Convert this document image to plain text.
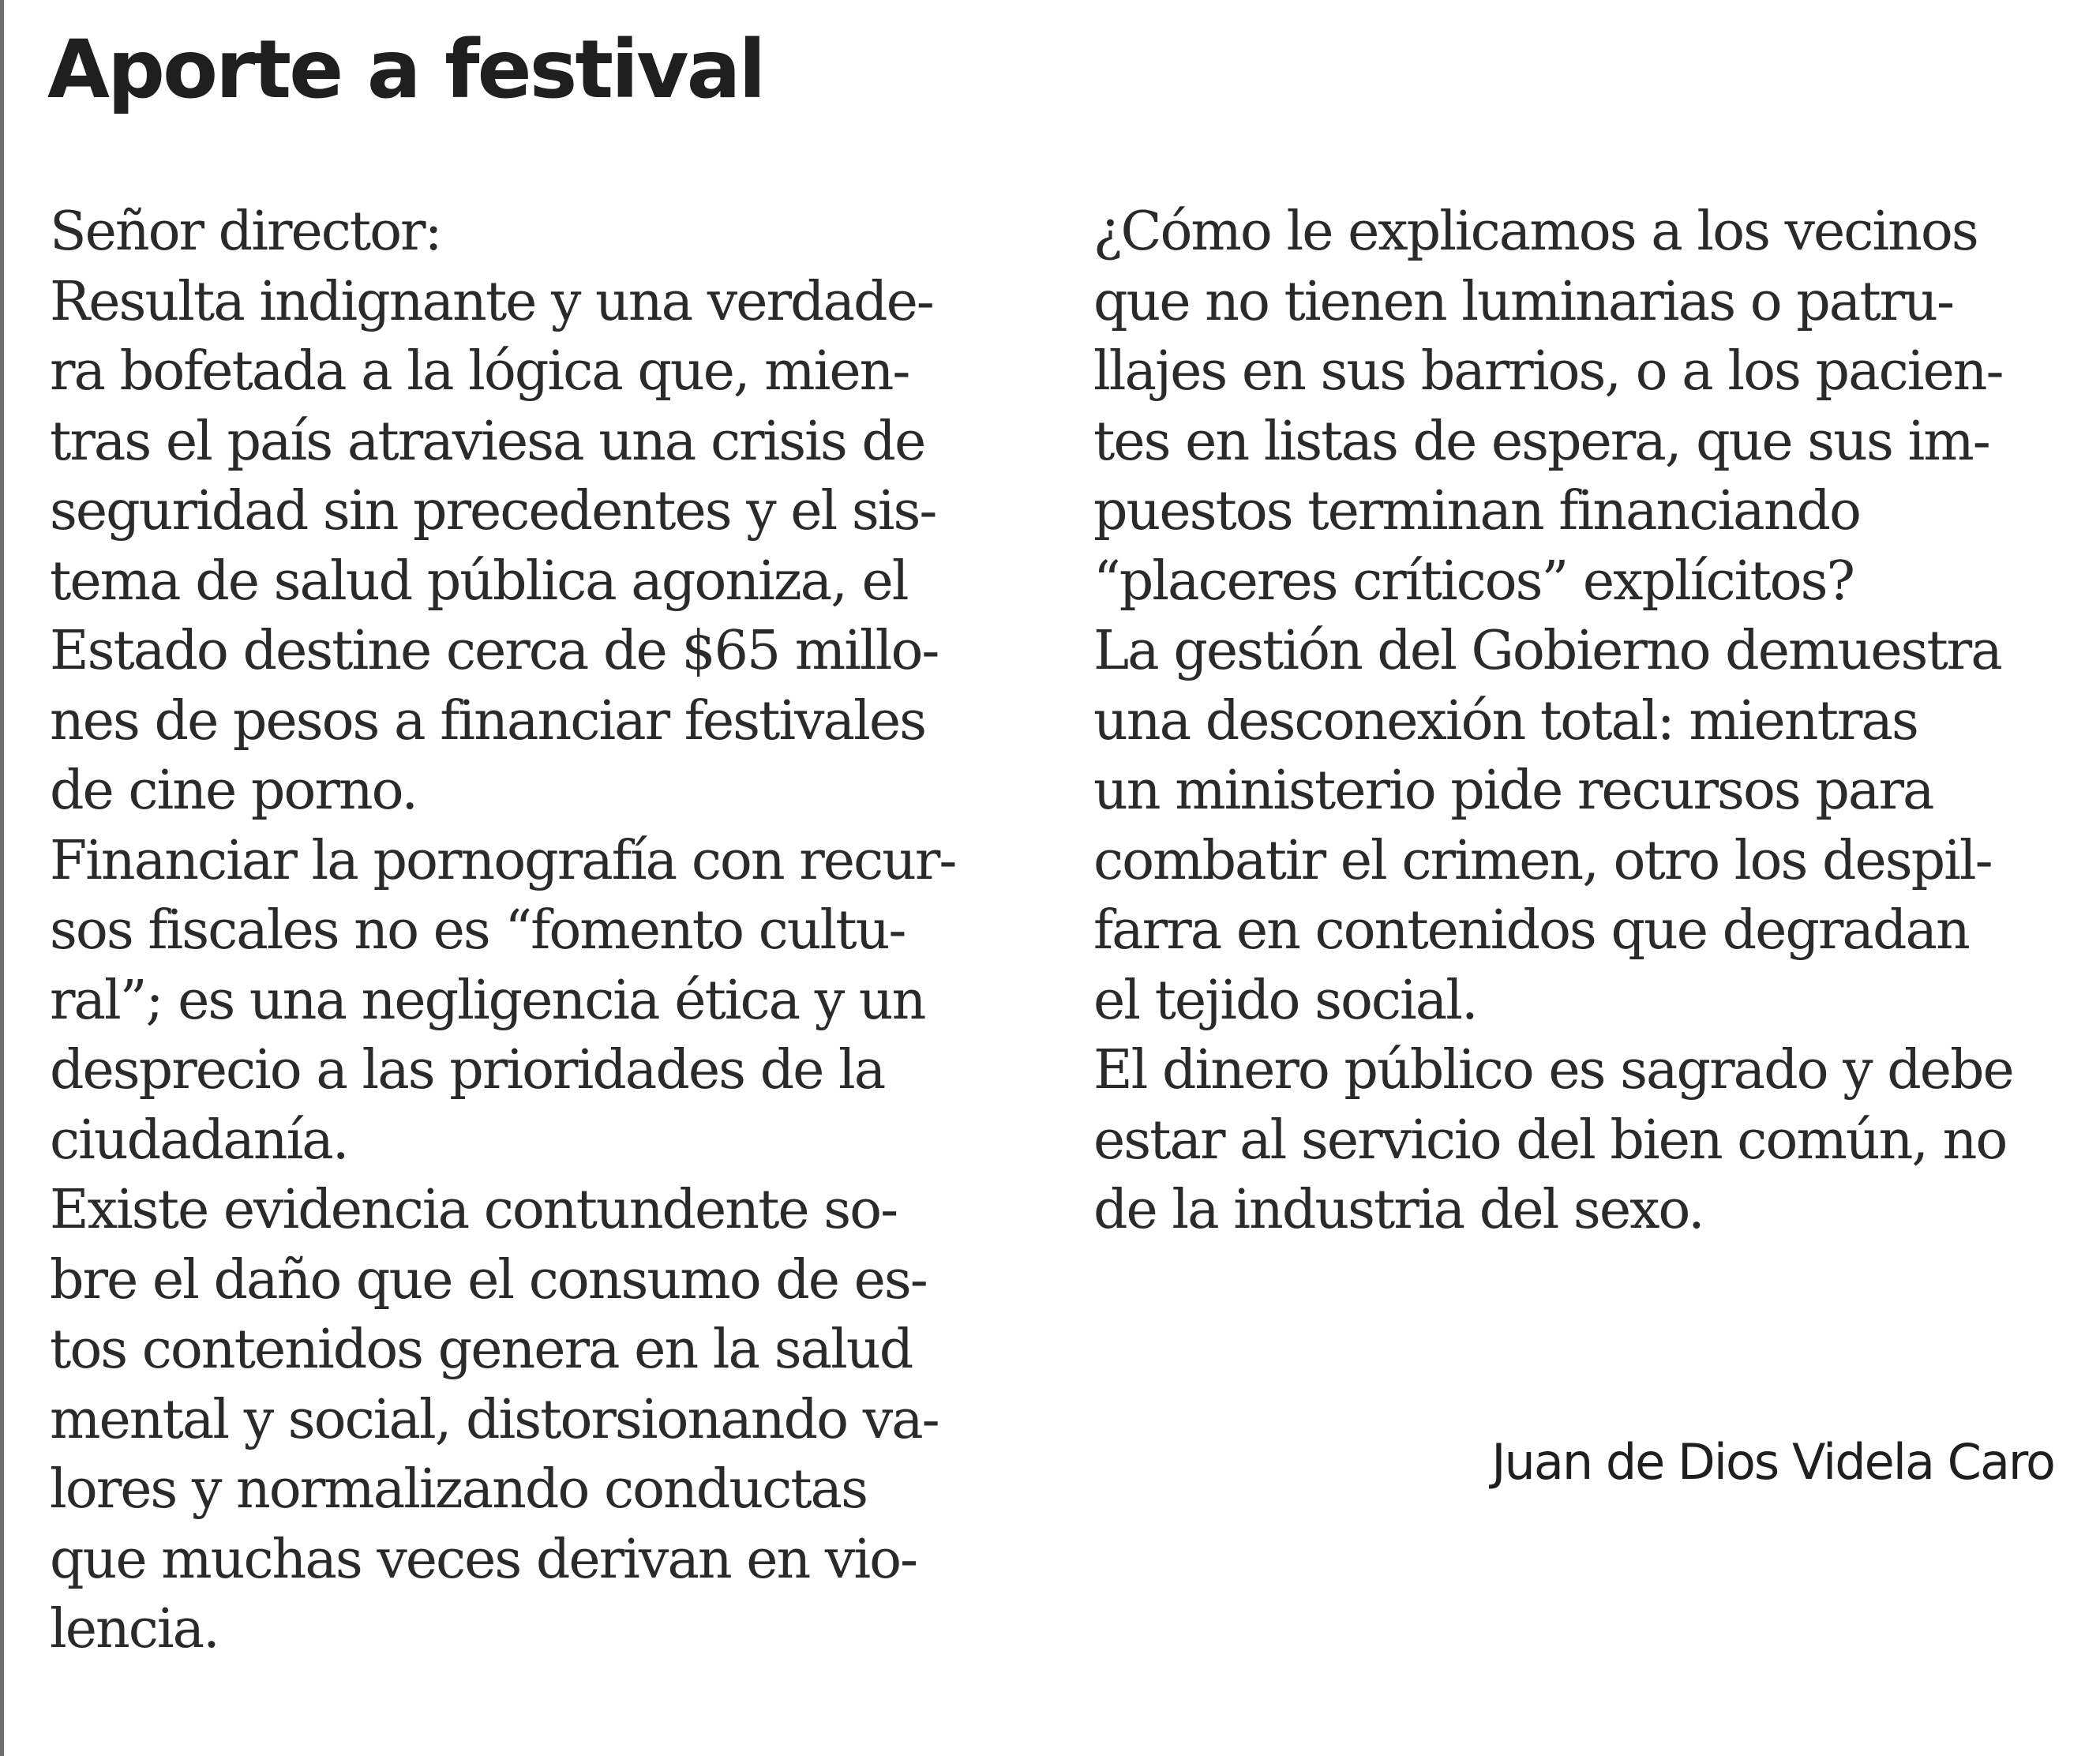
Aporte a festival
Señor director:
Resulta indignante y una verdade-
ra bofetada a la lógica que, mien-
tras el país atraviesa una crisis de
seguridad sin precedentes y el sis-
tema de salud pública agoniza, el
Estado destine cerca de $65 millo-
nes de pesos a financiar festivales
de cine porno.
Financiar la pornografía con recur-
sos fiscales no es “fomento cultu-
ral”; es una negligencia ética y un
desprecio a las prioridades de la
ciudadanía.
Existe evidencia contundente so-
bre el daño que el consumo de es-
tos contenidos genera en la salud
mental y social, distorsionando va-
lores y normalizando conductas
que muchas veces derivan en vio-
lencia.
¿Cómo le explicamos a los vecinos
que no tienen luminarias o patru-
llajes en sus barrios, o a los pacien-
tes en listas de espera, que sus im-
puestos terminan financiando
“placeres críticos” explícitos?
La gestión del Gobierno demuestra
una desconexión total: mientras
un ministerio pide recursos para
combatir el crimen, otro los despil-
farra en contenidos que degradan
el tejido social.
El dinero público es sagrado y debe
estar al servicio del bien común, no
de la industria del sexo.
Juan de Dios Videla Caro
